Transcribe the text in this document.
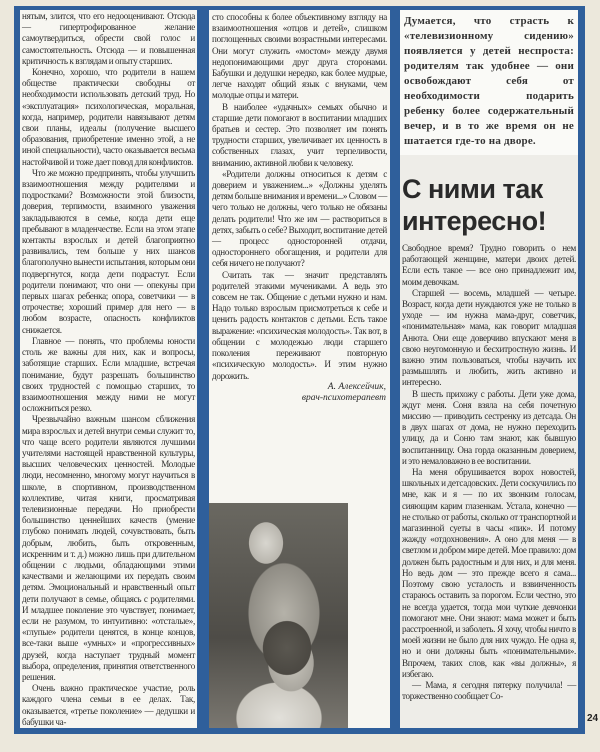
нятым, злится, что его недооценивают. Отсюда — гипертрофированное желание самоутвердиться, обрести свой голос и самостоятельность. Отсюда — и повышенная критичность к взглядам и опыту старших.

Конечно, хорошо, что родители в нашем обществе практически свободны от необходимости использовать детский труд. Но «эксплуатация» психологическая, моральная, когда, например, родители навязывают детям свои планы, идеалы (получение высшего образования, приобретение именно этой, а не иной специальности), часто оказывается весьма настойчивой и тоже дает повод для конфликтов.

Что же можно предпринять, чтобы улучшить взаимоотношения между родителями и подростками? Возможности этой близости, доверия, терпимости, взаимного уважения закладываются в семье, когда дети еще пребывают в младенчестве. Если на этом этапе контакты взрослых и детей благоприятно развивались, тем больше у них шансов благополучно вынести испытания, которым они подвергнутся, когда дети подрастут. Если родители понимают, что они — опекуны при первых шагах ребенка; опора, советчики — в отрочестве; хороший пример для него — в любом возрасте, опасность конфликтов снижается.

Главное — понять, что проблемы юности столь же важны для них, как и вопросы, заботящие старших. Если младшие, встречая понимание, будут разрешать большинство своих трудностей с помощью старших, то взаимоотношения между ними не могут осложниться резко.

Чрезвычайно важным шансом сближения мира взрослых и детей внутри семьи служит то, что чаще всего родители являются лучшими учителями настоящей нравственной культуры, высших человеческих ценностей. Молодые люди, несомненно, многому могут научиться в школе, в спортивном, производственном коллективе, читая книги, просматривая телевизионные передачи. Но приобрести большинство ценнейших качеств (умение глубоко понимать людей, сочувствовать, быть добрым, любить, быть откровенным, искренним и т. д.) можно лишь при длительном общении с людьми, обладающими этими качествами и желающими их передать своим детям. Эмоциональный и нравственный опыт дети получают в семье, общаясь с родителями. И младшее поколение это чувствует, понимает, если не разумом, то интуитивно: «отсталые», «глупые» родители ценятся, в конце концов, все-таки выше «умных» и «прогрессивных» друзей, когда наступает трудный момент выбора, определения, принятия ответственного решения.

Очень важно практическое участие, роль каждого члена семьи в ее делах. Так, оказывается, «третье поколение» — дедушки и бабушки ча-

сто способны к более объективному взгляду на взаимоотношения «отцов и детей», слишком поглощенных своими возрастными интересами. Они могут служить «мостом» между двумя недопонимающими друг друга сторонами. Бабушки и дедушки нередко, как более мудрые, легче находят общий язык с внуками, чем молодые отцы и матери.

В наиболее «удачных» семьях обычно и старшие дети помогают в воспитании младших братьев и сестер. Это позволяет им понять трудности старших, увеличивает их ценность в собственных глазах, учит терпеливости, вниманию, активной любви к человеку.

«Родители должны относиться к детям с доверием и уважением...» «Должны уделять детям больше внимания и времени...» Словом — чего только не должны, чего только не обязаны делать родители! Что же им — раствориться в детях, забыть о себе? Выходит, воспитание детей — процесс односторонней отдачи, одностороннего обогащения, и родители для себя ничего не получают?

Считать так — значит представлять родителей этакими мучениками. А ведь это совсем не так. Общение с детьми нужно и нам. Надо только взрослым присмотреться к себе и ценить радость контактов с детьми. Есть такое выражение: «психическая молодость». Так вот, в общении с молодежью люди старшего поколения переживают повторную «психическую молодость». И этим нужно дорожить.

А. Алексейчик,
врач-психотерапевт
Думается, что страсть к «телевизионному сидению» появляется у детей неспроста: родителям так удобнее — они освобождают себя от необходимости подарить ребенку более содержательный вечер, и в то же время он не шатается где-то на дворе.
С ними так интересно!

Свободное время? Трудно говорить о нем работающей женщине, матери двоих детей. Если есть такое — все оно принадлежит им, моим девочкам.

Старшей — восемь, младшей — четыре. Возраст, когда дети нуждаются уже не только в уходе — им нужна мама-друг, советчик, «понимательная» мама, как говорит младшая Анюта. Они еще доверчиво впускают меня в свою неугомонную и бесхитростную жизнь. И важно этим пользоваться, чтобы научить их размышлять и любить, жить активно и интересно.

В шесть прихожу с работы. Дети уже дома, ждут меня. Соня взяла на себя почетную миссию — приводить сестренку из детсада. Он в двух шагах от дома, не нужно переходить улицу, да и Соню там знают, как бывшую воспитанницу. Она горда оказанным доверием, и это немаловажно в ее воспитании.

На меня обрушивается ворох новостей, школьных и детсадовских. Дети соскучились по мне, как и я — по их звонким голосам, сияющим карим глазенкам. Устала, конечно — не столько от работы, сколько от транспортной и магазинной суеты в часы «пик». И потому жажду «отдохновения». А оно для меня — в светлом и добром мире детей. Мое правило: дом должен быть радостным и для них, и для меня. Но ведь дом — это прежде всего я сама... Поэтому свою усталость и взвинченность стараюсь оставить за порогом. Если честно, это не всегда удается, тогда мои чуткие девчонки помогают мне. Они знают: мама может и быть расстроенной, и заболеть. Я хочу, чтобы ничто в моей жизни не было для них чуждо. Не одна я, но и они должны быть «понимательными». Впрочем, таких слов, как «вы должны», я избегаю.

— Мама, я сегодня пятерку получила! — торжественно сообщает Со-

24
